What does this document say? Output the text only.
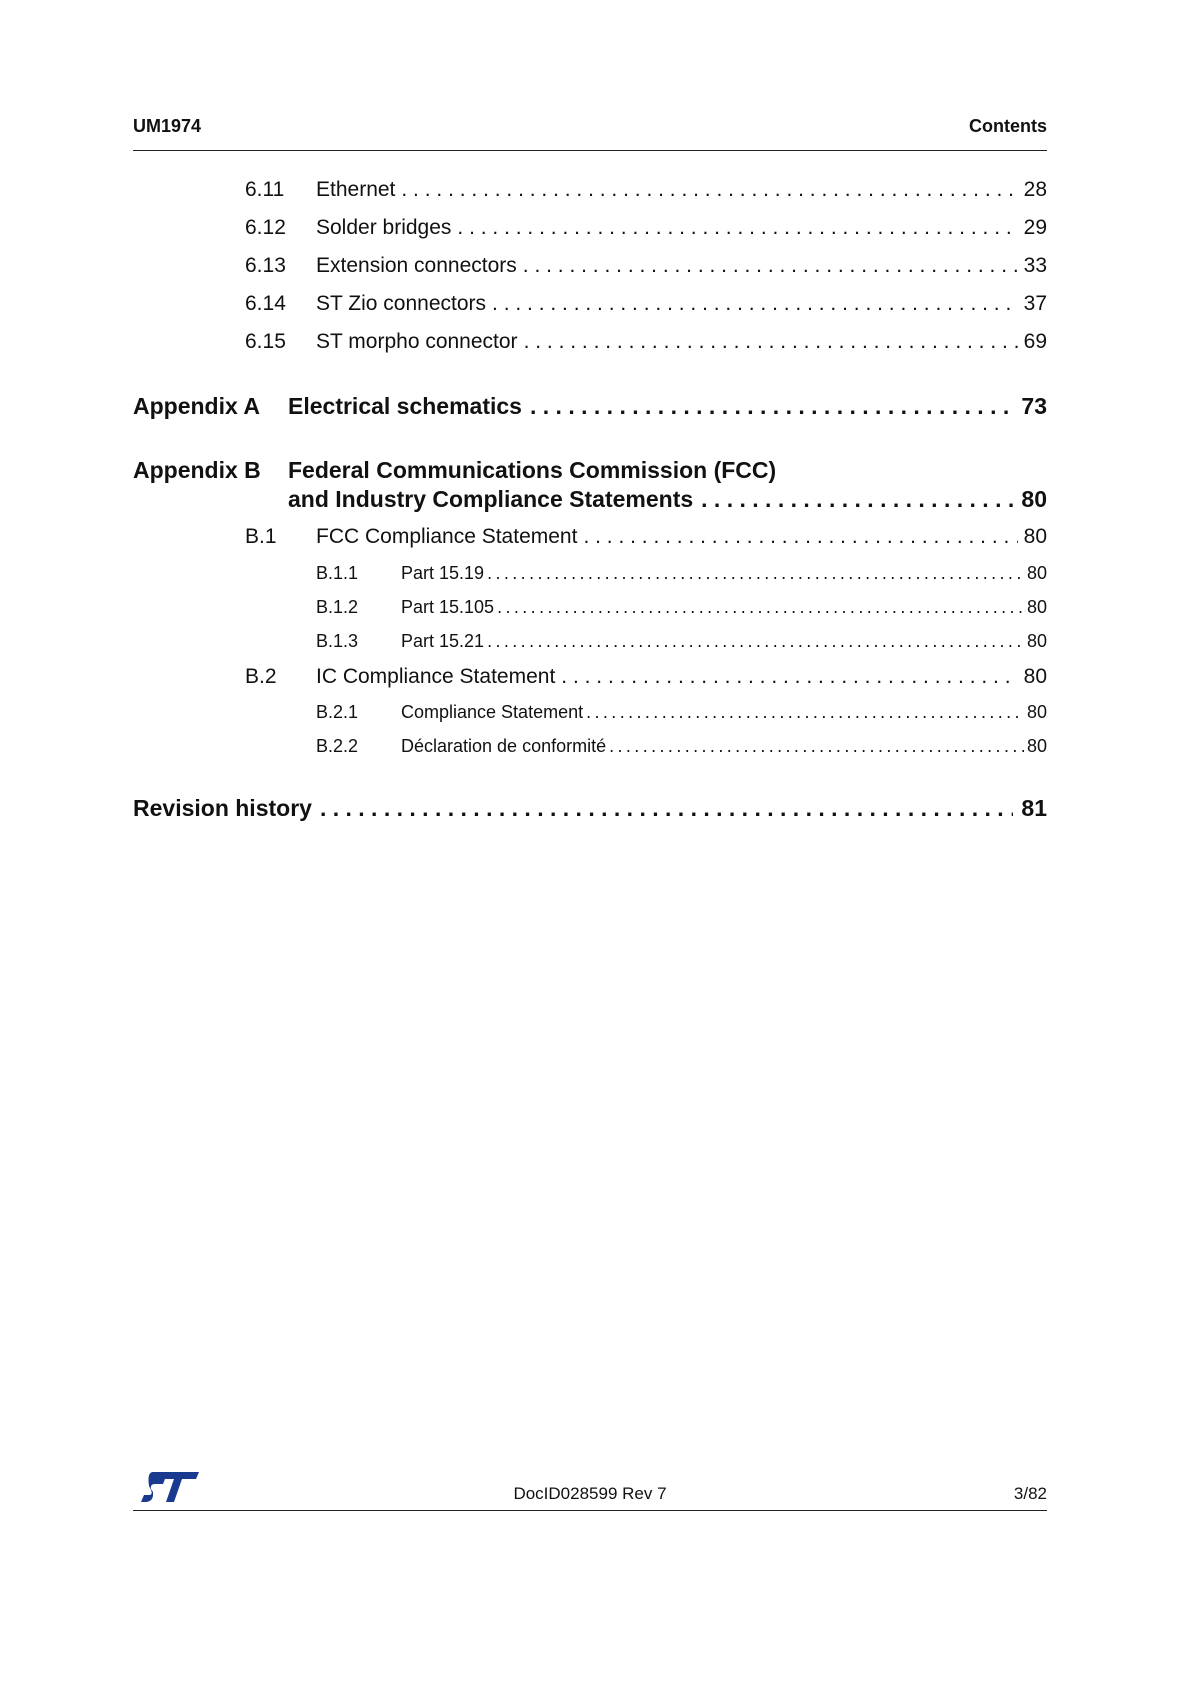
UM1974	Contents
6.11	Ethernet . . .	28
6.12	Solder bridges . . .	29
6.13	Extension connectors . . .	33
6.14	ST Zio connectors . . .	37
6.15	ST morpho connector . . .	69
Appendix A	Electrical schematics . . .	73
Appendix B Federal Communications Commission (FCC)
and Industry Compliance Statements . . .	80
B.1	FCC Compliance Statement . . .	80
B.1.1	Part 15.19 .....	80
B.1.2	Part 15.105 .....	80
B.1.3	Part 15.21 .....	80
B.2	IC Compliance Statement . . .	80
B.2.1	Compliance Statement .....	80
B.2.2	Déclaration de conformité .....	80
Revision history . . .	81
DocID028599 Rev 7	3/82
